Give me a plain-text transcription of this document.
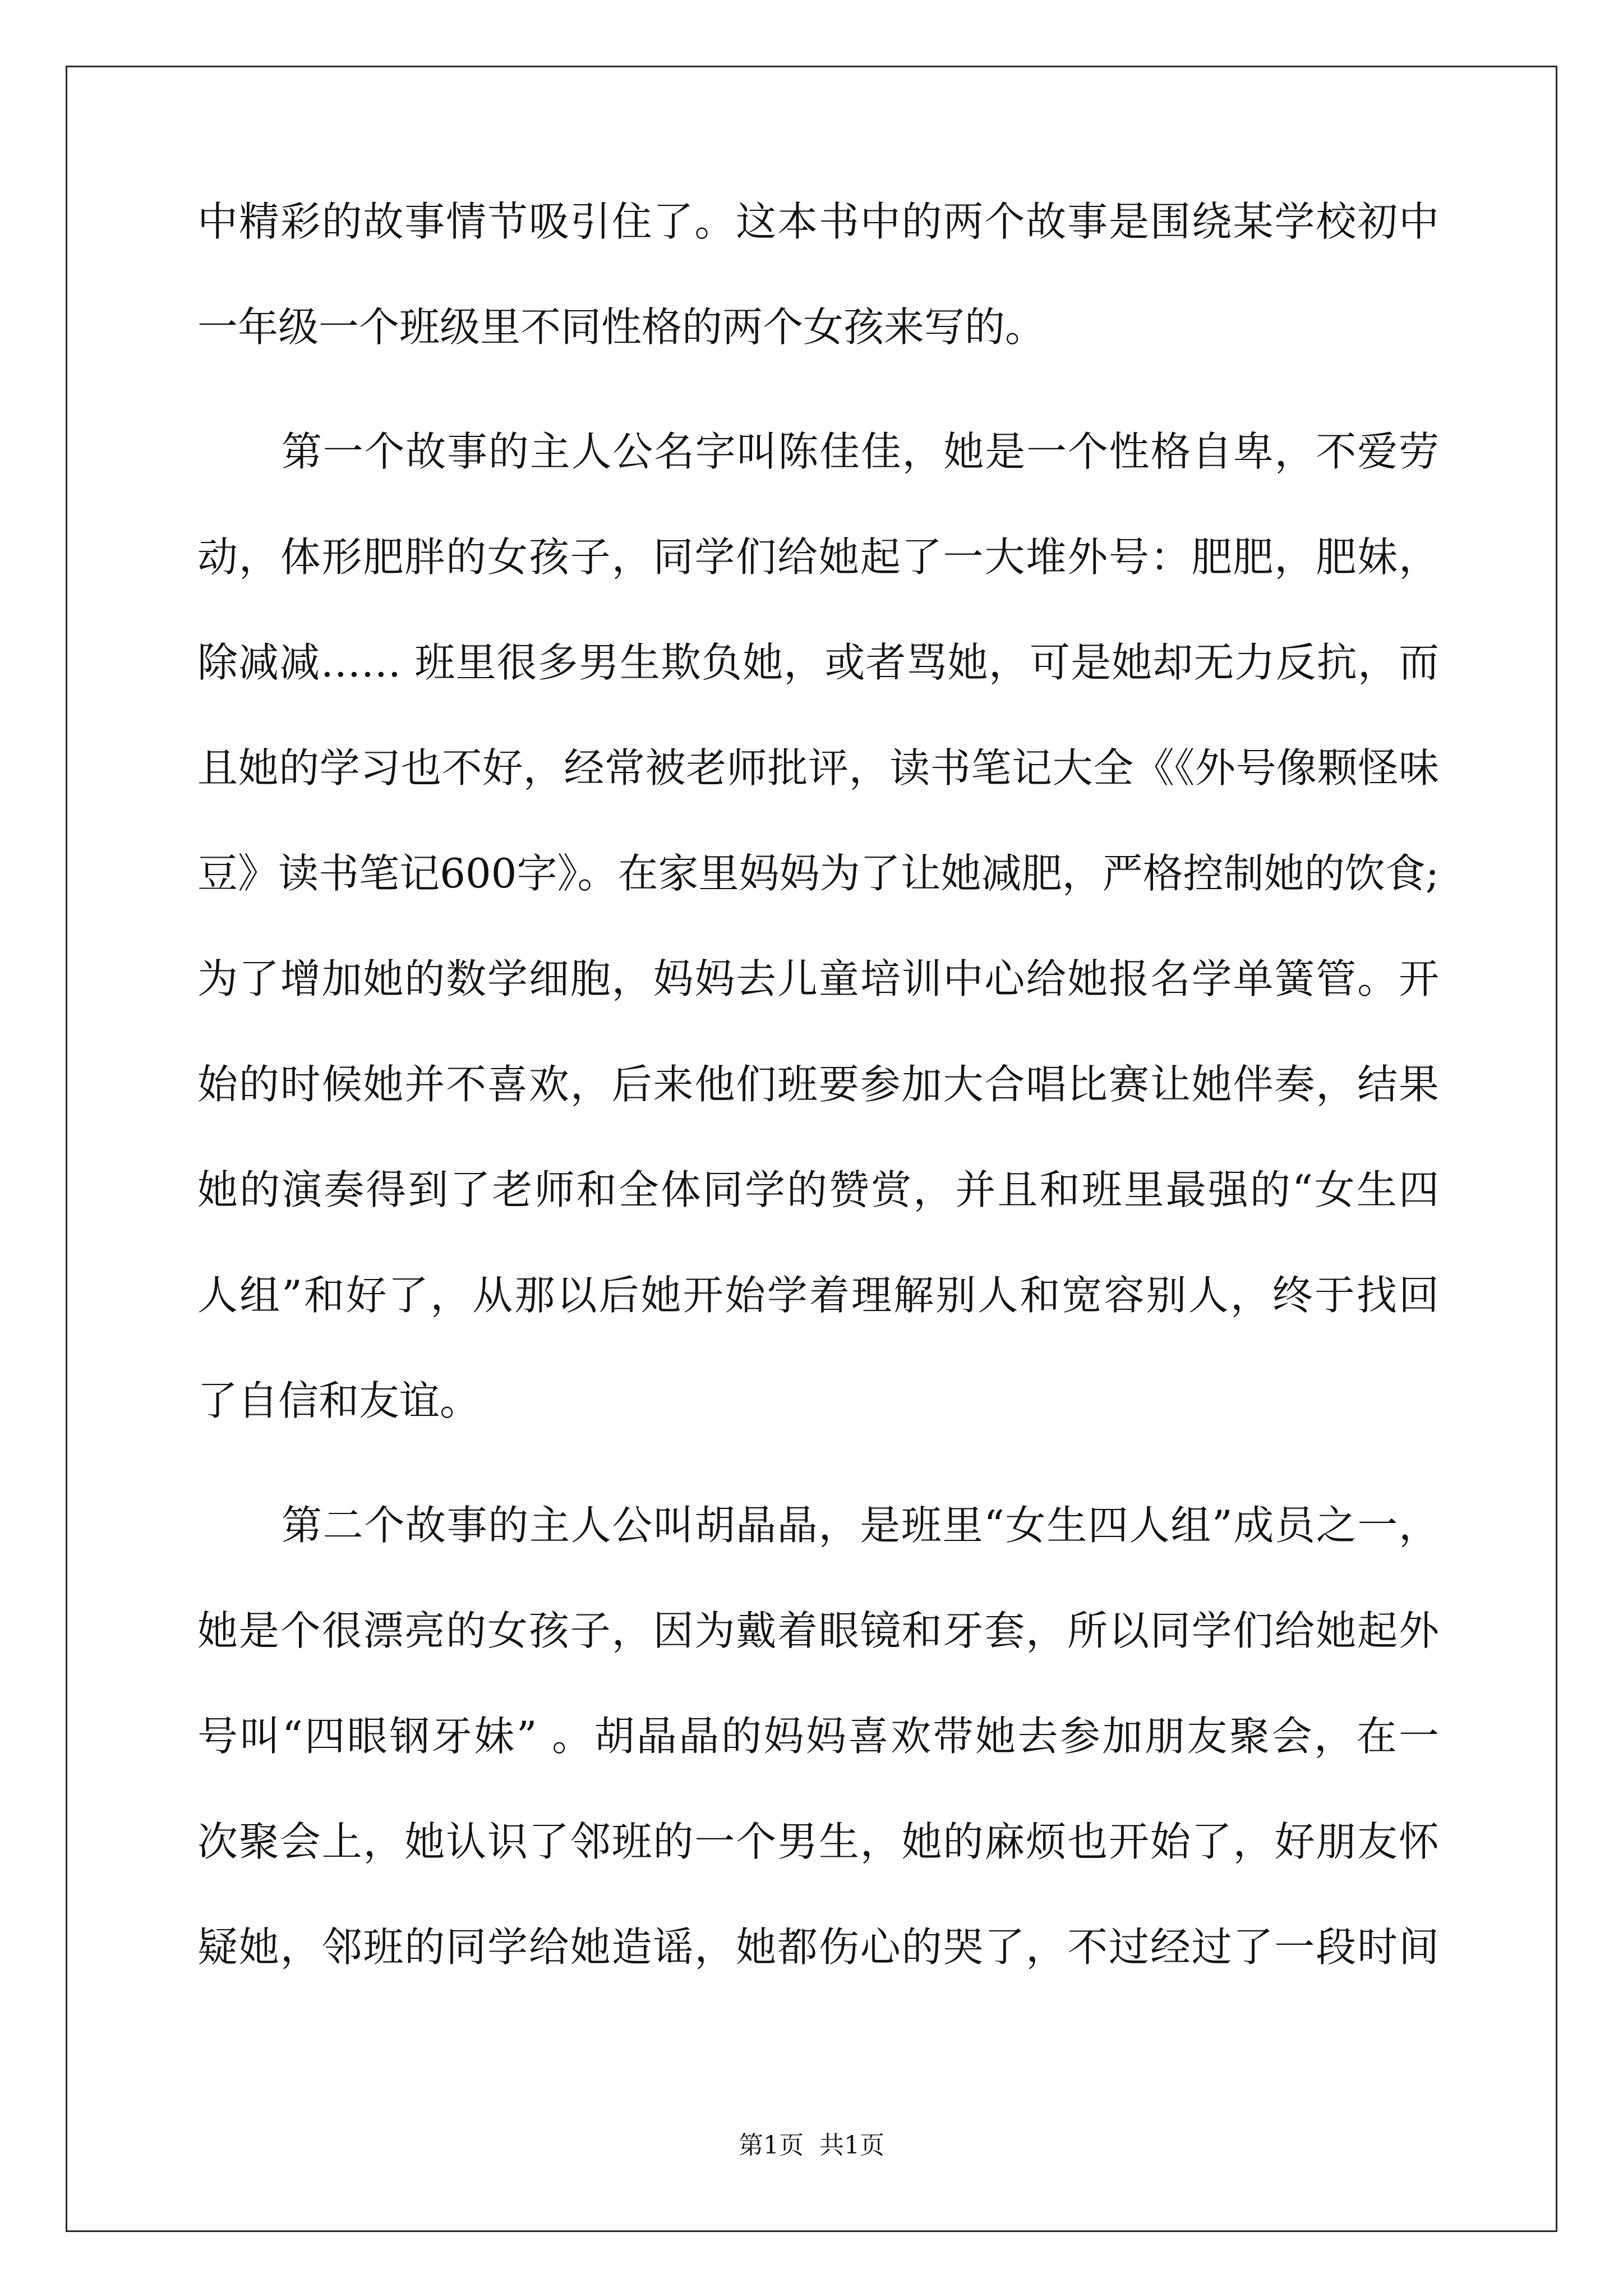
中精彩的故事情节吸引住了。这本书中的两个故事是围绕某学校初中
一年级一个班级里不同性格的两个女孩来写的。
第一个故事的主人公名字叫陈佳佳，她是一个性格自卑，不爱劳
动，体形肥胖的女孩子，同学们给她起了一大堆外号：肥肥，肥妹，
除减减…… 班里很多男生欺负她，或者骂她，可是她却无力反抗，而
且她的学习也不好，经常被老师批评，读书笔记大全《《外号像颗怪味
豆》读书笔记600字》。在家里妈妈为了让她减肥，严格控制她的饮食;
为了增加她的数学细胞，妈妈去儿童培训中心给她报名学单簧管。开
始的时候她并不喜欢，后来他们班要参加大合唱比赛让她伴奏，结果
她的演奏得到了老师和全体同学的赞赏，并且和班里最强的“女生四
人组”和好了，从那以后她开始学着理解别人和宽容别人，终于找回
了自信和友谊。
第二个故事的主人公叫胡晶晶，是班里“女生四人组”成员之一，
她是个很漂亮的女孩子，因为戴着眼镜和牙套，所以同学们给她起外
号叫“四眼钢牙妹” 。胡晶晶的妈妈喜欢带她去参加朋友聚会，在一
次聚会上，她认识了邻班的一个男生，她的麻烦也开始了，好朋友怀
疑她，邻班的同学给她造谣，她都伤心的哭了，不过经过了一段时间
第1页  共1页
